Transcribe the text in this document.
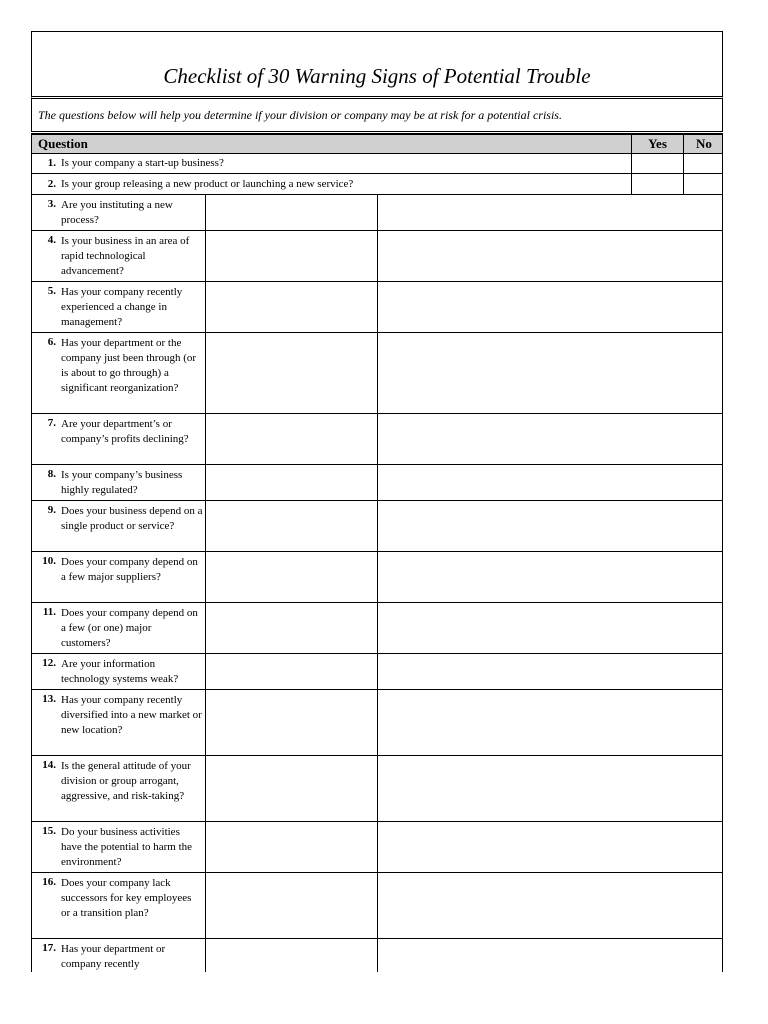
Checklist of 30 Warning Signs of Potential Trouble
The questions below will help you determine if your division or company may be at risk for a potential crisis.
Question	Yes	No
1. Is your company a start-up business?
2. Is your group releasing a new product or launching a new service?
3. Are you instituting a new process?
4. Is your business in an area of rapid technological advancement?
5. Has your company recently experienced a change in management?
6. Has your department or the company just been through (or is about to go through) a significant reorganization?
7. Are your department’s or company’s profits declining?
8. Is your company’s business highly regulated?
9. Does your business depend on a single product or service?
10. Does your company depend on a few major suppliers?
11. Does your company depend on a few (or one) major customers?
12. Are your information technology systems weak?
13. Has your company recently diversified into a new market or new location?
14. Is the general attitude of your division or group arrogant, aggressive, and risk-taking?
15. Do your business activities have the potential to harm the environment?
16. Does your company lack successors for key employees or a transition plan?
17. Has your department or company recently
